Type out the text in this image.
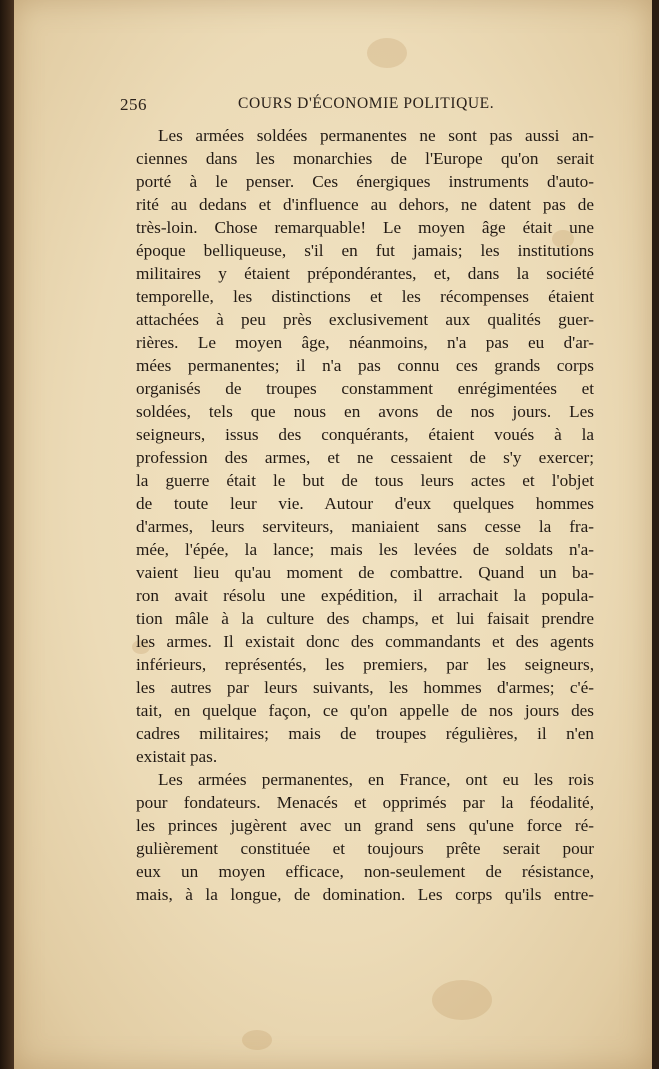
256	COURS D'ÉCONOMIE POLITIQUE.
Les armées soldées permanentes ne sont pas aussi an-
ciennes dans les monarchies de l'Europe qu'on serait
porté à le penser. Ces énergiques instruments d'auto-
rité au dedans et d'influence au dehors, ne datent pas de
très-loin. Chose remarquable! Le moyen âge était une
époque belliqueuse, s'il en fut jamais; les institutions
militaires y étaient prépondérantes, et, dans la société
temporelle, les distinctions et les récompenses étaient
attachées à peu près exclusivement aux qualités guer-
rières. Le moyen âge, néanmoins, n'a pas eu d'ar-
mées permanentes; il n'a pas connu ces grands corps
organisés de troupes constamment enrégimentées et
soldées, tels que nous en avons de nos jours. Les
seigneurs, issus des conquérants, étaient voués à la
profession des armes, et ne cessaient de s'y exercer;
la guerre était le but de tous leurs actes et l'objet
de toute leur vie. Autour d'eux quelques hommes
d'armes, leurs serviteurs, maniaient sans cesse la fra-
mée, l'épée, la lance; mais les levées de soldats n'a-
vaient lieu qu'au moment de combattre. Quand un ba-
ron avait résolu une expédition, il arrachait la popula-
tion mâle à la culture des champs, et lui faisait prendre
les armes. Il existait donc des commandants et des agents
inférieurs, représentés, les premiers, par les seigneurs,
les autres par leurs suivants, les hommes d'armes; c'é-
tait, en quelque façon, ce qu'on appelle de nos jours des
cadres militaires; mais de troupes régulières, il n'en
existait pas.
Les armées permanentes, en France, ont eu les rois
pour fondateurs. Menacés et opprimés par la féodalité,
les princes jugèrent avec un grand sens qu'une force ré-
gulièrement constituée et toujours prête serait pour
eux un moyen efficace, non-seulement de résistance,
mais, à la longue, de domination. Les corps qu'ils entre-
